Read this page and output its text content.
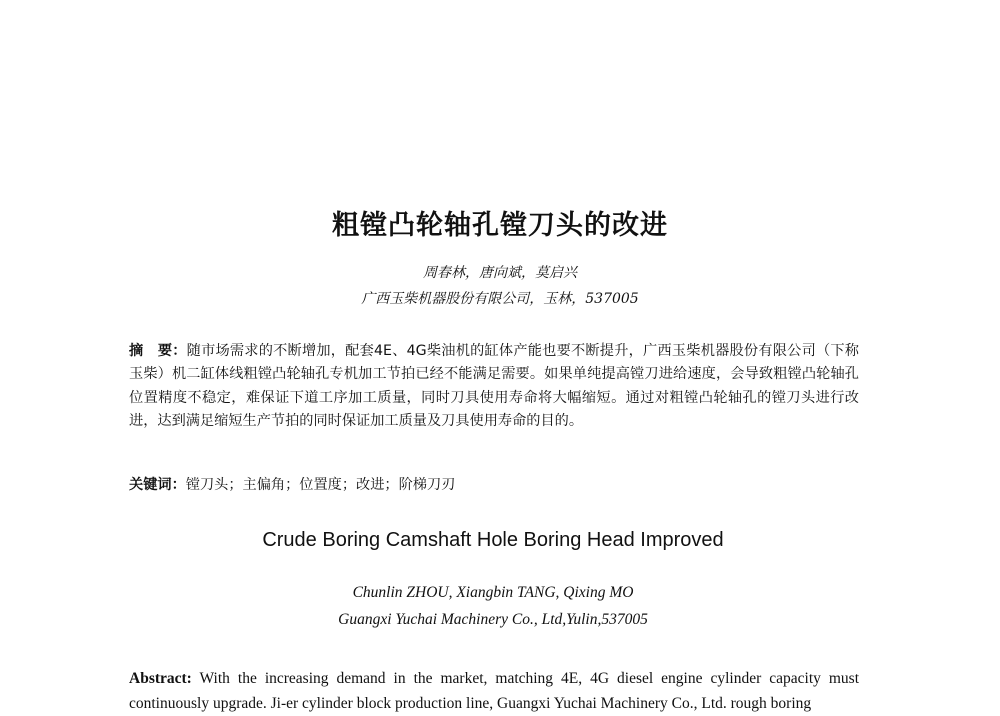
粗镗凸轮轴孔镗刀头的改进
周春林，唐向斌，莫启兴
广西玉柴机器股份有限公司，玉林，537005
摘　要：随市场需求的不断增加，配套4E、4G柴油机的缸体产能也要不断提升，广西玉柴机器股份有限公司（下称玉柴）机二缸体线粗镗凸轮轴孔专机加工节拍已经不能满足需要。如果单纯提高镗刀进给速度，会导致粗镗凸轮轴孔位置精度不稳定，难保证下道工序加工质量，同时刀具使用寿命将大幅缩短。通过对粗镗凸轮轴孔的镗刀头进行改进，达到满足缩短生产节拍的同时保证加工质量及刀具使用寿命的目的。
关键词：镗刀头；主偏角；位置度；改进；阶梯刀刃
Crude Boring Camshaft Hole Boring Head Improved
Chunlin ZHOU, Xiangbin TANG, Qixing MO
Guangxi Yuchai Machinery Co., Ltd,Yulin,537005
Abstract: With the increasing demand in the market, matching 4E, 4G diesel engine cylinder capacity must continuously upgrade. Ji-er cylinder block production line, Guangxi Yuchai Machinery Co., Ltd. rough boring
